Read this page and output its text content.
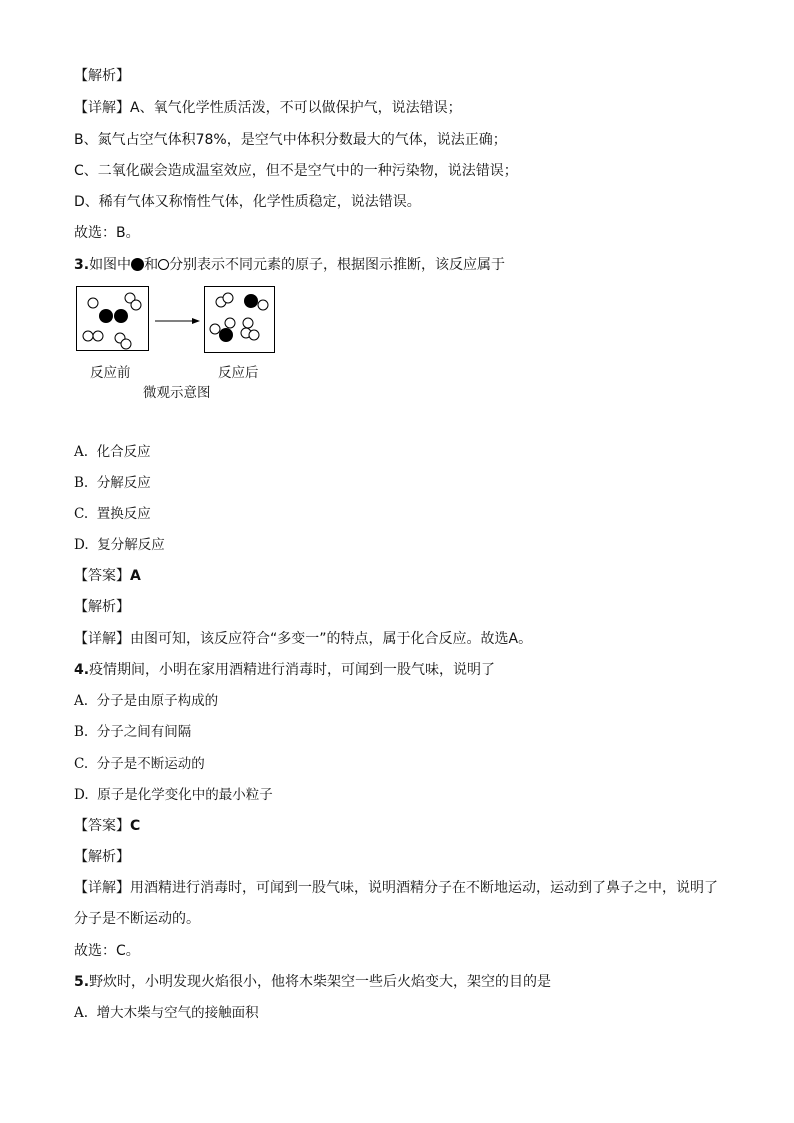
【解析】
【详解】A、氧气化学性质活泼，不可以做保护气，说法错误；
B、氮气占空气体积78%，是空气中体积分数最大的气体，说法正确；
C、二氧化碳会造成温室效应，但不是空气中的一种污染物，说法错误；
D、稀有气体又称惰性气体，化学性质稳定，说法错误。
故选：B。
3.如图中 和 分别表示不同元素的原子，根据图示推断，该反应属于
反应前	反应后
微观示意图
A. 化合反应
B. 分解反应
C. 置换反应
D. 复分解反应
【答案】A
【解析】
【详解】由图可知，该反应符合“多变一”的特点，属于化合反应。故选A。
4.疫情期间，小明在家用酒精进行消毒时，可闻到一股气味，说明了
A. 分子是由原子构成的
B. 分子之间有间隔
C. 分子是不断运动的
D. 原子是化学变化中的最小粒子
【答案】C
【解析】
【详解】用酒精进行消毒时，可闻到一股气味，说明酒精分子在不断地运动，运动到了鼻子之中，说明了
分子是不断运动的。
故选：C。
5.野炊时，小明发现火焰很小，他将木柴架空一些后火焰变大，架空的目的是
A. 增大木柴与空气的接触面积
